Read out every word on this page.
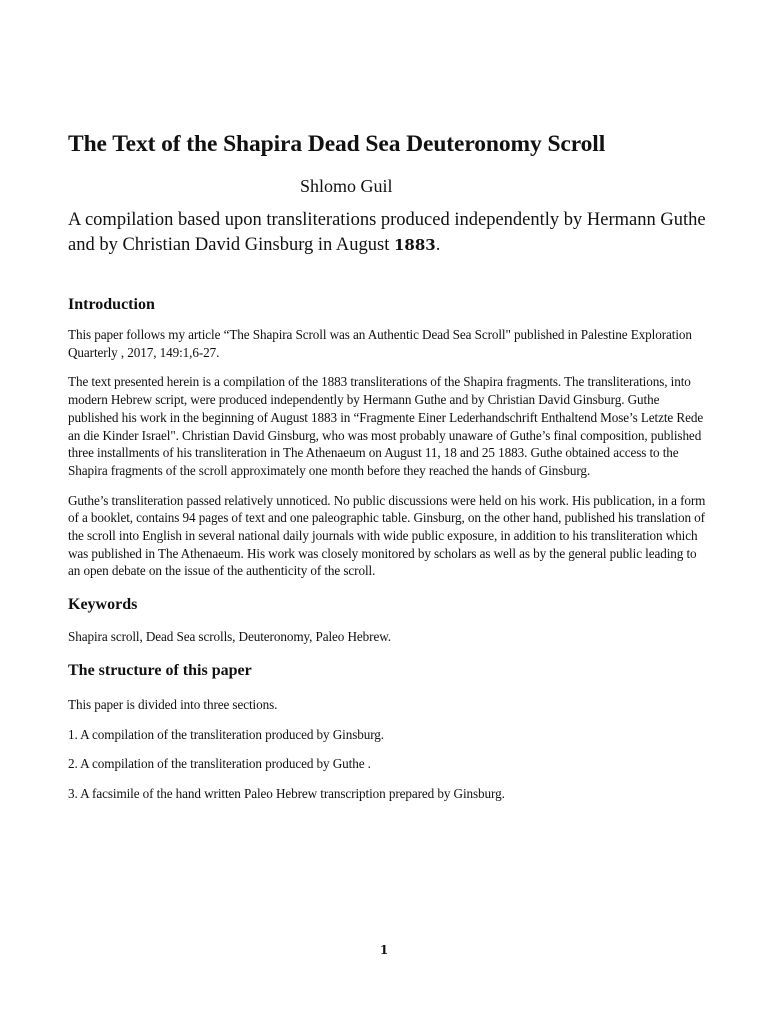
The Text of the Shapira Dead Sea Deuteronomy Scroll
Shlomo Guil
A compilation based upon transliterations produced independently by Hermann Guthe and by Christian David Ginsburg in August 1883.
Introduction

This paper follows my article “The Shapira Scroll was an Authentic Dead Sea Scroll" published in Palestine Exploration Quarterly , 2017, 149:1,6-27.

The text presented herein is a compilation of the 1883 transliterations of the Shapira fragments. The transliterations, into modern Hebrew script, were produced independently by Hermann Guthe and by Christian David Ginsburg. Guthe published his work in the beginning of August 1883 in “Fragmente Einer Lederhandschrift Enthaltend Mose’s Letzte Rede an die Kinder Israel". Christian David Ginsburg, who was most probably unaware of Guthe’s final composition, published three installments of his transliteration in The Athenaeum on August 11, 18 and 25 1883. Guthe obtained access to the Shapira fragments of the scroll approximately one month before they reached the hands of Ginsburg.

Guthe’s transliteration passed relatively unnoticed. No public discussions were held on his work. His publication, in a form of a booklet, contains 94 pages of text and one paleographic table. Ginsburg, on the other hand, published his translation of the scroll into English in several national daily journals with wide public exposure, in addition to his transliteration which was published in The Athenaeum. His work was closely monitored by scholars as well as by the general public leading to an open debate on the issue of the authenticity of the scroll.

Keywords

Shapira scroll, Dead Sea scrolls, Deuteronomy, Paleo Hebrew.

The structure of this paper

This paper is divided into three sections.

1. A compilation of the transliteration produced by Ginsburg.

2. A compilation of the transliteration produced by Guthe .

3. A facsimile of the hand written Paleo Hebrew transcription prepared by Ginsburg.

1
